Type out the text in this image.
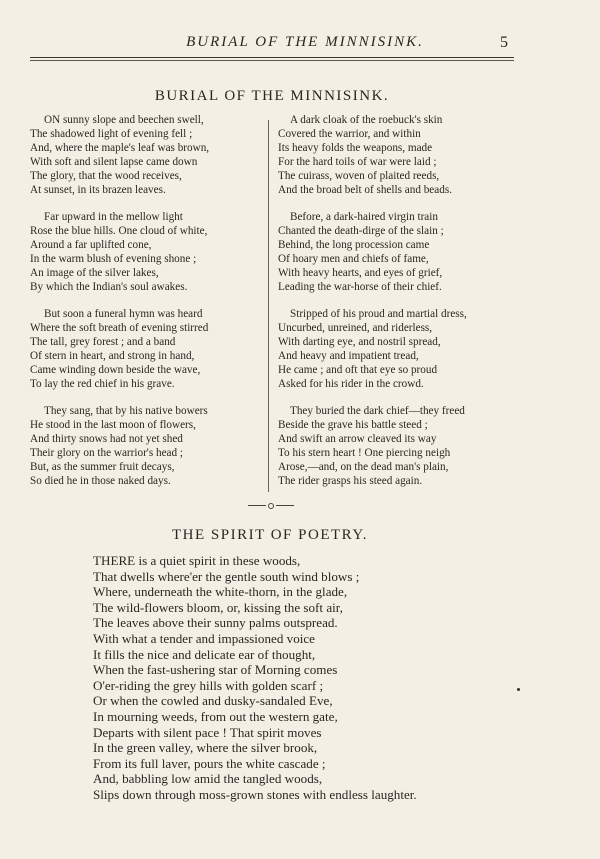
BURIAL OF THE MINNISINK.	5
BURIAL OF THE MINNISINK.
ON sunny slope and beechen swell,
The shadowed light of evening fell ;
And, where the maple's leaf was brown,
With soft and silent lapse came down
The glory, that the wood receives,
At sunset, in its brazen leaves.
Far upward in the mellow light
Rose the blue hills. One cloud of white,
Around a far uplifted cone,
In the warm blush of evening shone ;
An image of the silver lakes,
By which the Indian's soul awakes.
But soon a funeral hymn was heard
Where the soft breath of evening stirred
The tall, grey forest ; and a band
Of stern in heart, and strong in hand,
Came winding down beside the wave,
To lay the red chief in his grave.
They sang, that by his native bowers
He stood in the last moon of flowers,
And thirty snows had not yet shed
Their glory on the warrior's head ;
But, as the summer fruit decays,
So died he in those naked days.
A dark cloak of the roebuck's skin
Covered the warrior, and within
Its heavy folds the weapons, made
For the hard toils of war were laid ;
The cuirass, woven of plaited reeds,
And the broad belt of shells and beads.
Before, a dark-haired virgin train
Chanted the death-dirge of the slain ;
Behind, the long procession came
Of hoary men and chiefs of fame,
With heavy hearts, and eyes of grief,
Leading the war-horse of their chief.
Stripped of his proud and martial dress,
Uncurbed, unreined, and riderless,
With darting eye, and nostril spread,
And heavy and impatient tread,
He came ; and oft that eye so proud
Asked for his rider in the crowd.
They buried the dark chief—they freed
Beside the grave his battle steed ;
And swift an arrow cleaved its way
To his stern heart ! One piercing neigh
Arose,—and, on the dead man's plain,
The rider grasps his steed again.
THE SPIRIT OF POETRY.
THERE is a quiet spirit in these woods,
That dwells where'er the gentle south wind blows ;
Where, underneath the white-thorn, in the glade,
The wild-flowers bloom, or, kissing the soft air,
The leaves above their sunny palms outspread.
With what a tender and impassioned voice
It fills the nice and delicate ear of thought,
When the fast-ushering star of Morning comes
O'er-riding the grey hills with golden scarf ;
Or when the cowled and dusky-sandaled Eve,
In mourning weeds, from out the western gate,
Departs with silent pace ! That spirit moves
In the green valley, where the silver brook,
From its full laver, pours the white cascade ;
And, babbling low amid the tangled woods,
Slips down through moss-grown stones with endless laughter.
